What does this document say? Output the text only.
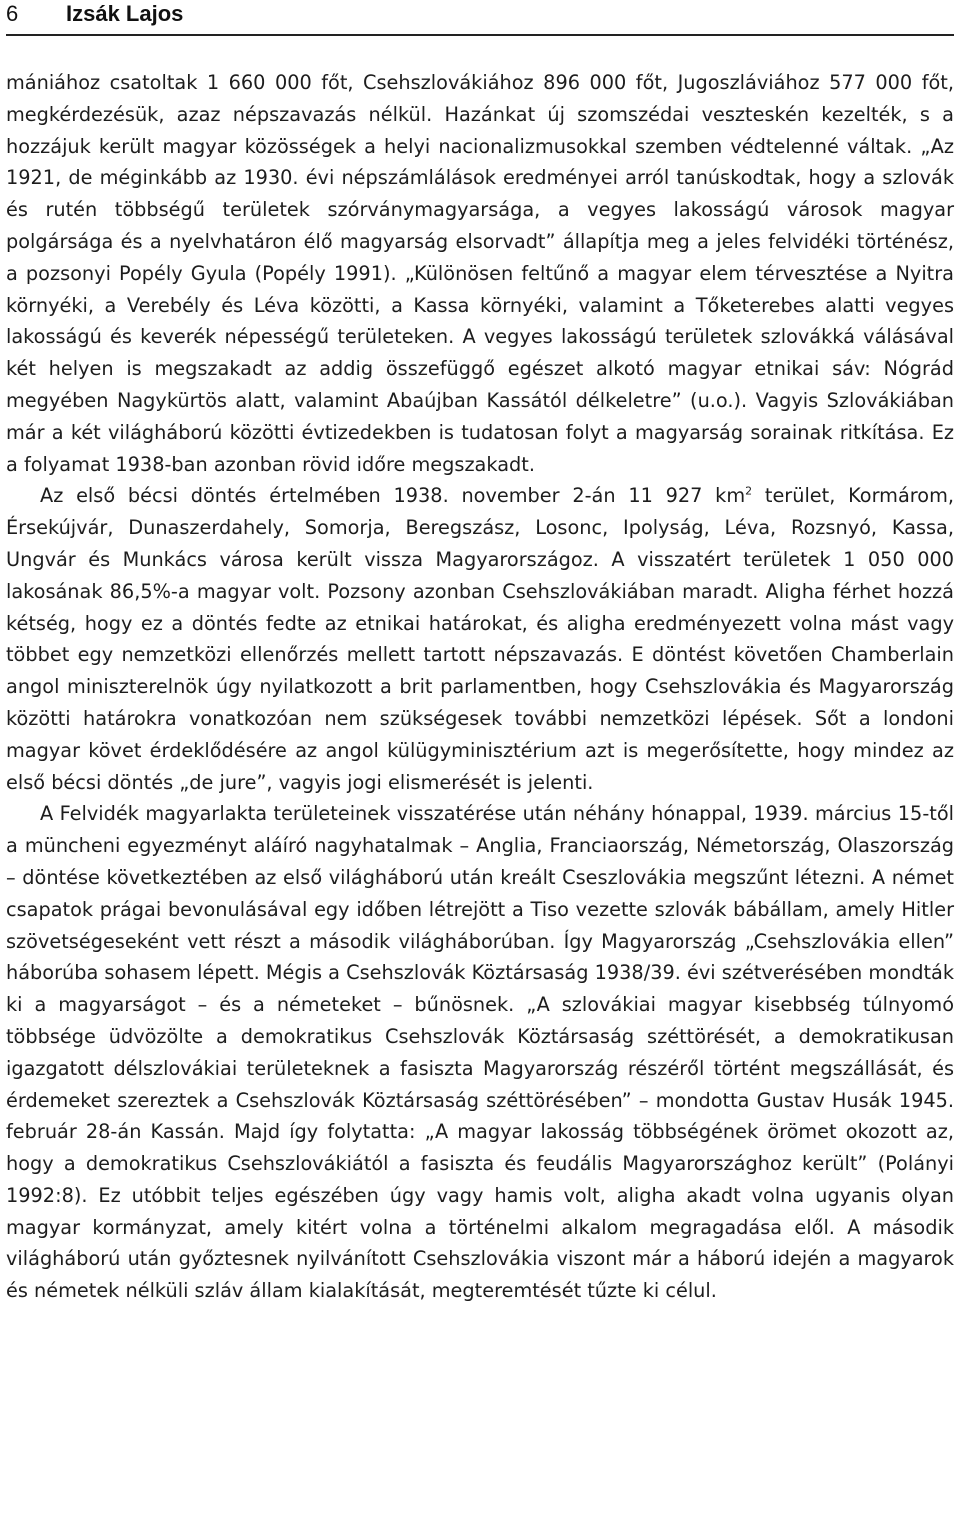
6 Izsák Lajos

mániához csatoltak 1 660 000 főt, Csehszlovákiához 896 000 főt, Jugoszláviához 577 000 főt, megkérdezésük, azaz népszavazás nélkül. Hazánkat új szomszédai veszteskén kezelték, s a hozzájuk került magyar közösségek a helyi nacionalizmusokkal szemben védtelenné váltak. „Az 1921, de méginkább az 1930. évi népszámlálások eredményei arról tanúskodtak, hogy a szlovák és rutén többségű területek szórványmagyarsága, a vegyes lakosságú városok magyar polgársága és a nyelvhatáron élő magyarság elsorvadt” állapítja meg a jeles felvidéki történész, a pozsonyi Popély Gyula (Popély 1991). „Különösen feltűnő a magyar elem térvesztése a Nyitra környéki, a Verebély és Léva közötti, a Kassa környéki, valamint a Tőketerebes alatti vegyes lakosságú és keverék népességű területeken. A vegyes lakosságú területek szlovákká válásával két helyen is megszakadt az addig összefüggő egészet alkotó magyar etnikai sáv: Nógrád megyében Nagykürtös alatt, valamint Abaújban Kassától délkeletre” (u.o.). Vagyis Szlovákiában már a két világháború közötti évtizedekben is tudatosan folyt a magyarság sorainak ritkítása. Ez a folyamat 1938-ban azonban rövid időre megszakadt.

Az első bécsi döntés értelmében 1938. november 2-án 11 927 $km^2$ terület, Kormárom, Érsekújvár, Dunaszerdahely, Somorja, Beregszász, Losonc, Ipolyság, Léva, Rozsnyó, Kassa, Ungvár és Munkács városa került vissza Magyarországoz. A visszatért területek 1 050 000 lakosának 86,5%-a magyar volt. Pozsony azonban Csehszlovákiában maradt. Aligha férhet hozzá kétség, hogy ez a döntés fedte az etnikai határokat, és aligha eredményezett volna mást vagy többet egy nemzetközi ellenőrzés mellett tartott népszavazás. E döntést követően Chamberlain angol miniszterelnök úgy nyilatkozott a brit parlamentben, hogy Csehszlovákia és Magyarország közötti határokra vonatkozóan nem szükségesek további nemzetközi lépések. Sőt a londoni magyar követ érdeklődésére az angol külügyminisztérium azt is megerősítette, hogy mindez az első bécsi döntés „de jure”, vagyis jogi elismerését is jelenti.

A Felvidék magyarlakta területeinek visszatérése után néhány hónappal, 1939. március 15-től a müncheni egyezményt aláíró nagyhatalmak – Anglia, Franciaország, Németország, Olaszország – döntése következtében az első világháború után kreált Cseszlovákia megszűnt létezni. A német csapatok prágai bevonulásával egy időben létrejött a Tiso vezette szlovák bábállam, amely Hitler szövetségeseként vett részt a második világháborúban. Így Magyarország „Csehszlovákia ellen” háborúba sohasem lépett. Mégis a Csehszlovák Köztársaság 1938/39. évi szétverésében mondták ki a magyarságot – és a németeket – bűnösnek. „A szlovákiai magyar kisebbség túlnyomó többsége üdvözölte a demokratikus Csehszlovák Köztársaság széttörését, a demokratikusan igazgatott délszlovákiai területeknek a fasiszta Magyarország részéről történt megszállását, és érdemeket szereztek a Csehszlovák Köztársaság széttörésében” – mondotta Gustav Husák 1945. február 28-án Kassán. Majd így folytatta: „A magyar lakosság többségének örömet okozott az, hogy a demokratikus Csehszlovákiától a fasiszta és feudális Magyarországhoz került” (Polányi 1992:8). Ez utóbbit teljes egészében úgy vagy hamis volt, aligha akadt volna ugyanis olyan magyar kormányzat, amely kitért volna a történelmi alkalom megragadása elől. A második világháború után győztesnek nyilvánított Csehszlovákia viszont már a háború idején a magyarok és németek nélküli szláv állam kialakítását, megteremtését tűzte ki célul.
